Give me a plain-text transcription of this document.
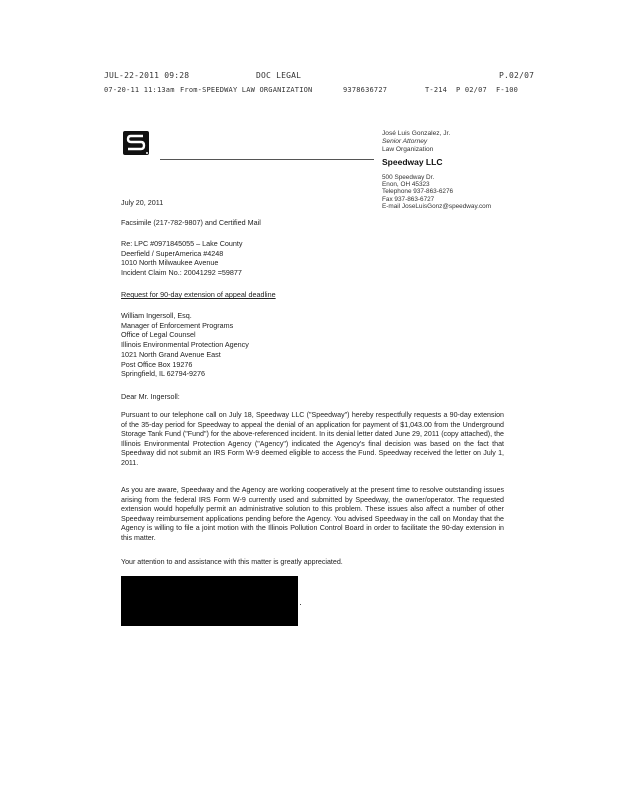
JUL-22-2011 09:28	DOC LEGAL	P.02/07
07-20-11 11:13am From-SPEEDWAY LAW ORGANIZATION	9378636727	T-214 P 02/07 F-100
José Luis Gonzalez, Jr.
Senior Attorney
Law Organization
Speedway LLC
500 Speedway Dr.
Enon, OH 45323
Telephone 937-863-6276
Fax 937-863-6727
E-mail JoseLuisGonz@speedway.com
July 20, 2011
Facsimile (217-782-9807) and Certified Mail
Re: LPC #0971845055 – Lake County
Deerfield / SuperAmerica #4248
1010 North Milwaukee Avenue
Incident Claim No.: 20041292 =59877
Request for 90-day extension of appeal deadline
William Ingersoll, Esq.
Manager of Enforcement Programs
Office of Legal Counsel
Illinois Environmental Protection Agency
1021 North Grand Avenue East
Post Office Box 19276
Springfield, IL 62794-9276
Dear Mr. Ingersoll:
Pursuant to our telephone call on July 18, Speedway LLC ("Speedway") hereby respectfully requests a 90-day extension of the 35-day period for Speedway to appeal the denial of an application for payment of $1,043.00 from the Underground Storage Tank Fund ("Fund") for the above-referenced incident. In its denial letter dated June 29, 2011 (copy attached), the Illinois Environmental Protection Agency ("Agency") indicated the Agency's final decision was based on the fact that Speedway did not submit an IRS Form W-9 deemed eligible to access the Fund. Speedway received the letter on July 1, 2011.
As you are aware, Speedway and the Agency are working cooperatively at the present time to resolve outstanding issues arising from the federal IRS Form W-9 currently used and submitted by Speedway, the owner/operator. The requested extension would hopefully permit an administrative solution to this problem. These issues also affect a number of other Speedway reimbursement applications pending before the Agency. You advised Speedway in the call on Monday that the Agency is willing to file a joint motion with the Illinois Pollution Control Board in order to facilitate the 90-day extension in this matter.
Your attention to and assistance with this matter is greatly appreciated.
